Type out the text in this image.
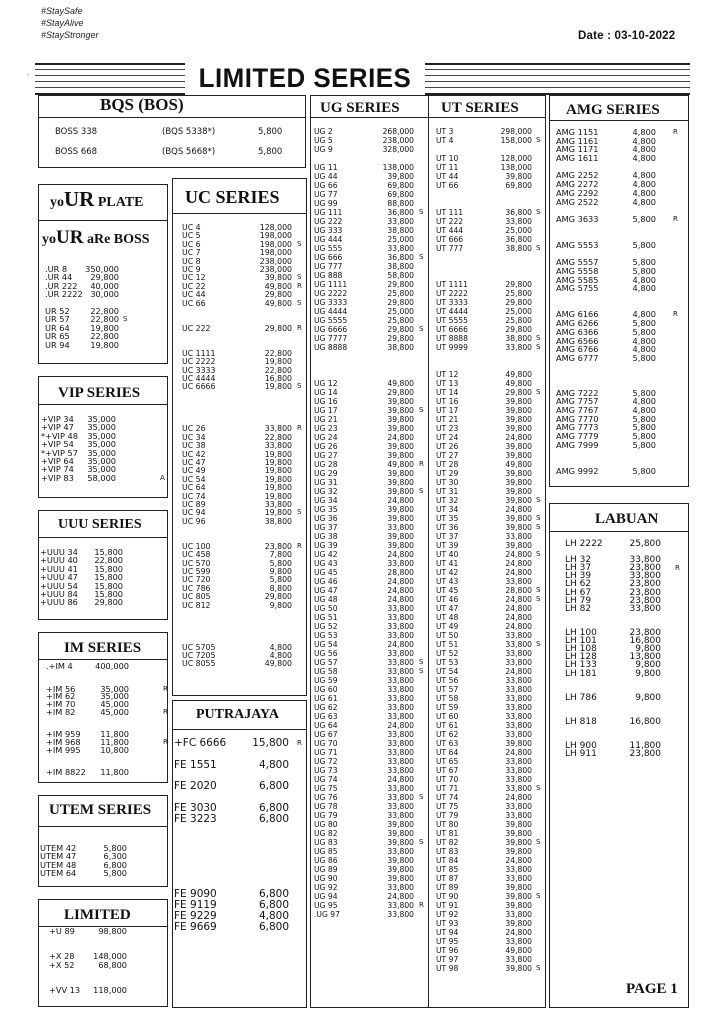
#StaySafe
#StayAlive
#StayStronger	Date : 03-10-2022
'	LIMITED SERIES
BQS (BOS)
BOSS 338	(BQS 5338*)	5,800
BOSS 668	(BQS 5668*)	5,800
yoUR PLATE
yoUR aRe BOSS
.UR 8	350,000
.UR 44	29,800
.UR 222	40,000
.UR 2222 30,000
UR 52	22,800
UR 57	22,800 S
UR 64	19,800
UR 65	22,800
UR 94	19,800
VIP SERIES
+VIP 34	35,000
+VIP 47	35,000
*+VIP 48	35,000
+VIP 54	35,000
*+VIP 57	35,000
+VIP 64	35,000
+VIP 74	35,000
+VIP 83	58,000	A
UUU SERIES
+UUU 34	15,800
+UUU 40	22,800
+UUU 41	15,800
+UUU 47	15,800
+UUU 54	15,800
+UUU 84	15,800
+UUU 86	29,800
IM SERIES
.+IM 4	400,000
+IM 56	35,000	R
+IM 62	35,000
+IM 70	45,000
+IM 82	45,000	R
+IM 959	11,800
+IM 968	11,800	R
+IM 995	10,800
+IM 8822	11,800
UTEM SERIES
UTEM 42	5,800
UTEM 47	6,300
UTEM 48	6,800
UTEM 64	5,800
LIMITED
+U 89	98,800
+X 28	148,000
+X 52	68,800
+VV 13	118,000
UC SERIES
UC 4	128,000
UC 5	198,000
UC 6	198,000 S
UC 7	198,000
UC 8	238,000
UC 9	238,000
UC 12	39,800 S
UC 22	49,800 R
UC 44	29,800
UC 66	49,800 S
UC 222	29,800 R
UC 1111	22,800
UC 2222	19,800
UC 3333	22,800
UC 4444	16,800
UC 6666	19,800 S
UC 26	33,800 R
UC 34	22,800
UC 38	33,800
UC 42	19,800
UC 47	19,800
UC 49	19,800
UC 54	19,800
UC 64	19,800
UC 74	19,800
UC 89	33,800
UC 94	19,800 S
UC 96	38,800
UC 100	23,800 R
UC 458	7,800
UC 570	5,800
UC 599	9,800
UC 720	5,800
UC 786	8,800
UC 805	29,800
UC 812	9,800
UC 5705	4,800
UC 7205	4,800
UC 8055	49,800
PUTRAJAYA
+FC 6666	15,800 R
FE 1551	4,800
FE 2020	6,800
FE 3030	6,800
FE 3223	6,800
FE 9090	6,800
FE 9119	6,800
FE 9229	4,800
FE 9669	6,800
UG SERIES	UT SERIES
UG 2	268,000
UG 5	238,000
UG 9	328,000
UG 11	138,000
UG 44	39,800
UG 66	69,800
UG 77	69,800
UG 99	88,800
UG 111	36,800 S
UG 222	33,800
UG 333	38,800
UG 444	25,000
UG 555	33,800
UG 666	36,800 S
UG 777	38,800
UG 888	58,800
UG 1111	29,800
UG 2222	25,800
UG 3333	29,800
UG 4444	25,000
UG 5555	25,800
UG 6666	29,800 S
UG 7777	29,800
UG 8888	38,800
UG 12	49,800
UG 14	29,800
UG 16	39,800
UG 17	39,800 S
UG 21	39,800
UG 23	39,800
UG 24	24,800
UG 26	39,800
UG 27	39,800
UG 28	49,800 R
UG 29	39,800
UG 31	39,800
UG 32	39,800 S
UG 34	24,800
UG 35	39,800
UG 36	39,800
UG 37	33,800
UG 38	39,800
UG 39	39,800
UG 42	24,800
UG 43	33,800
UG 45	28,800
UG 46	24,800
UG 47	24,800
UG 48	24,800
UG 50	33,800
UG 51	33,800
UG 52	33,800
UG 53	33,800
UG 54	24,800
UG 56	33,800
UG 57	33,800 S
UG 58	33,800 S
UG 59	33,800
UG 60	33,800
UG 61	33,800
UG 62	33,800
UG 63	33,800
UG 64	24,800
UG 67	33,800
UG 70	33,800
UG 71	33,800
UG 72	33,800
UG 73	33,800
UG 74	24,800
UG 75	33,800
UG 76	33,800 S
UG 78	33,800
UG 79	33,800
UG 80	39,800
UG 82	39,800
UG 83	39,800 S
UG 85	33,800
UG 86	39,800
UG 89	39,800
UG 90	39,800
UG 92	33,800
UG 94	24,800
UG 95	33,800 R
.UG 97	33,800
UT 3	298,000
UT 4	158,000 S
UT 10	128,000
UT 11	138,000
UT 44	39,800
UT 66	69,800
UT 111	36,800 S
UT 222	33,800
UT 444	25,000
UT 666	36,800
UT 777	38,800 S
UT 1111	29,800
UT 2222	25,800
UT 3333	29,800
UT 4444	25,000
UT 5555	25,800
UT 6666	29,800
UT 8888	38,800 S
UT 9999	33,800 S
UT 12	49,800
UT 13	49,800
UT 14	29,800 S
UT 16	39,800
UT 17	39,800
UT 21	39,800
UT 23	39,800
UT 24	24,800
UT 26	39,800
UT 27	39,800
UT 28	49,800
UT 29	39,800
UT 30	39,800
UT 31	39,800
UT 32	39,800 S
UT 34	24,800
UT 35	39,800 S
UT 36	39,800 S
UT 37	33,800
UT 39	39,800
UT 40	24,800 S
UT 41	24,800
UT 42	24,800
UT 43	33,800
UT 45	28,800 S
UT 46	24,800 S
UT 47	24,800
UT 48	24,800
UT 49	24,800
UT 50	33,800
UT 51	33,800 S
UT 52	33,800
UT 53	33,800
UT 54	24,800
UT 56	33,800
UT 57	33,800
UT 58	33,800
UT 59	33,800
UT 60	33,800
UT 61	33,800
UT 62	33,800
UT 63	39,800
UT 64	24,800
UT 65	33,800
UT 67	33,800
UT 70	33,800
UT 71	33,800 S
UT 74	24,800
UT 75	33,800
UT 79	33,800
UT 80	39,800
UT 81	39,800
UT 82	39,800 S
UT 83	39,800
UT 84	24,800
UT 85	33,800
UT 87	33,800
UT 89	39,800
UT 90	39,800 S
UT 91	39,800
UT 92	33,800
UT 93	39,800
UT 94	24,800
UT 95	33,800
UT 96	49,800
UT 97	33,800
UT 98	39,800 S
AMG SERIES
AMG 1151	4,800 R
AMG 1161	4,800
AMG 1171	4,800
AMG 1611	4,800
AMG 2252	4,800
AMG 2272	4,800
AMG 2292	4,800
AMG 2522	4,800
AMG 3633	5,800 R
AMG 5553	5,800
AMG 5557	5,800
AMG 5558	5,800
AMG 5585	4,800
AMG 5755	4,800
AMG 6166	4,800 R
AMG 6266	5,800
AMG 6366	5,800
AMG 6566	4,800
AMG 6766	4,800
AMG 6777	5,800
AMG 7222	5,800
AMG 7757	4,800
AMG 7767	4,800
AMG 7770	5,800
AMG 7773	5,800
AMG 7779	5,800
AMG 7999	5,800
AMG 9992	5,800
LABUAN
LH 2222	25,800
LH 32	33,800
LH 37	23,800 R
LH 39	33,800
LH 62	23,800
LH 67	23,800
LH 79	23,800
LH 82	33,800
LH 100	23,800
LH 101	16,800
LH 108	9,800
LH 128	13,800
LH 133	9,800
LH 181	9,800
LH 786	9,800
LH 818	16,800
LH 900	11,800
LH 911	23,800
PAGE 1
